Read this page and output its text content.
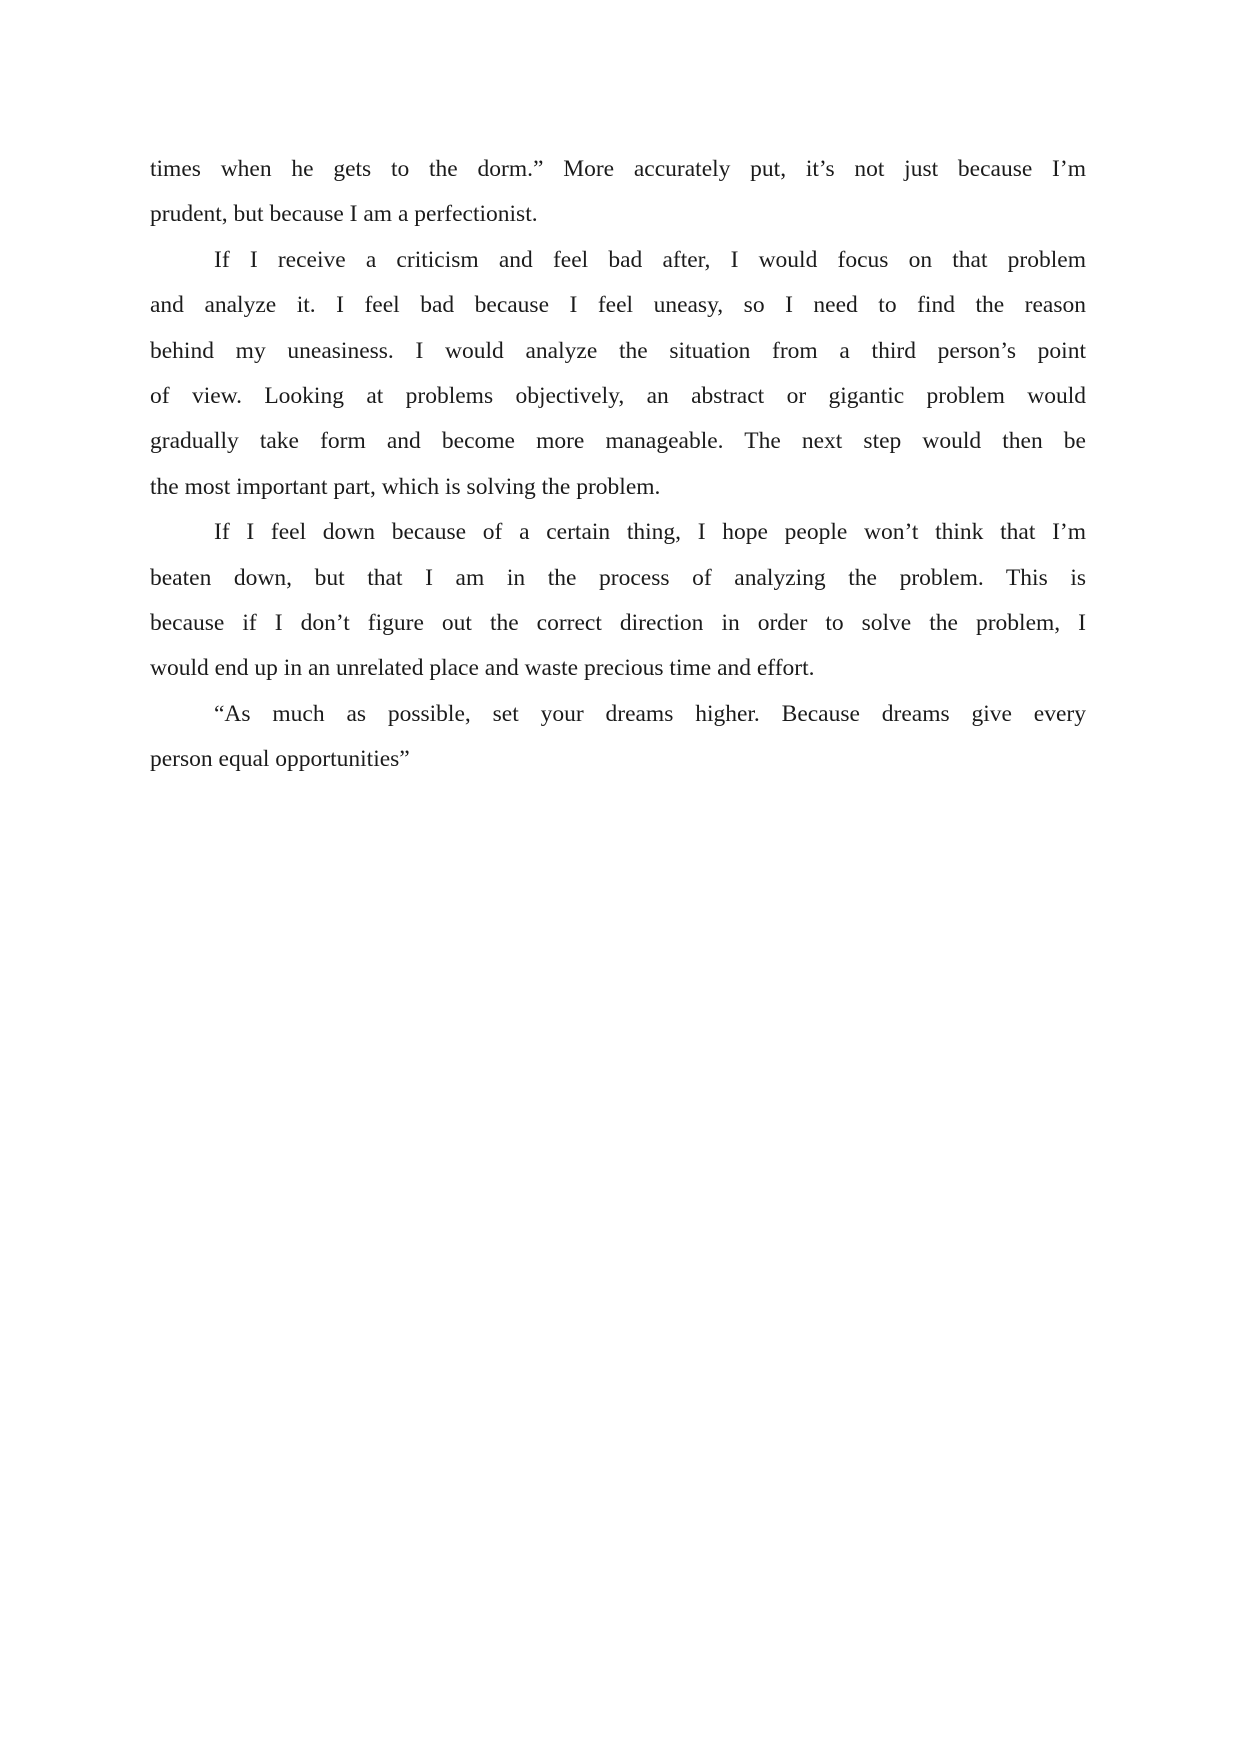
times when he gets to the dorm.” More accurately put, it’s not just because I’m
prudent, but because I am a perfectionist.
If I receive a criticism and feel bad after, I would focus on that problem
and analyze it. I feel bad because I feel uneasy, so I need to find the reason
behind my uneasiness. I would analyze the situation from a third person’s point
of view. Looking at problems objectively, an abstract or gigantic problem would
gradually take form and become more manageable. The next step would then be
the most important part, which is solving the problem.
If I feel down because of a certain thing, I hope people won’t think that I’m
beaten down, but that I am in the process of analyzing the problem. This is
because if I don’t figure out the correct direction in order to solve the problem, I
would end up in an unrelated place and waste precious time and effort.
“As much as possible, set your dreams higher. Because dreams give every
person equal opportunities”
